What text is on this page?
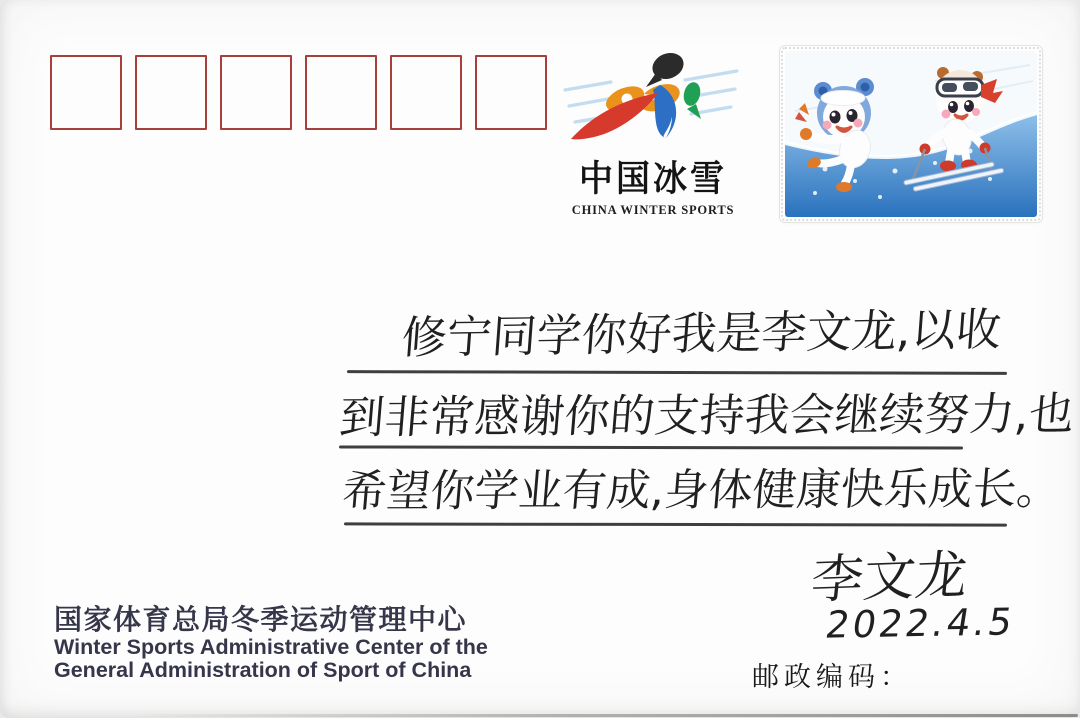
中国冰雪
CHINA WINTER SPORTS
修宁同学你好我是李文龙,以收
到非常感谢你的支持我会继续努力,也
希望你学业有成,身体健康快乐成长。
李文龙
2022.4.5
国家体育总局冬季运动管理中心
Winter Sports Administrative Center of the
General Administration of Sport of China	邮政编码：
